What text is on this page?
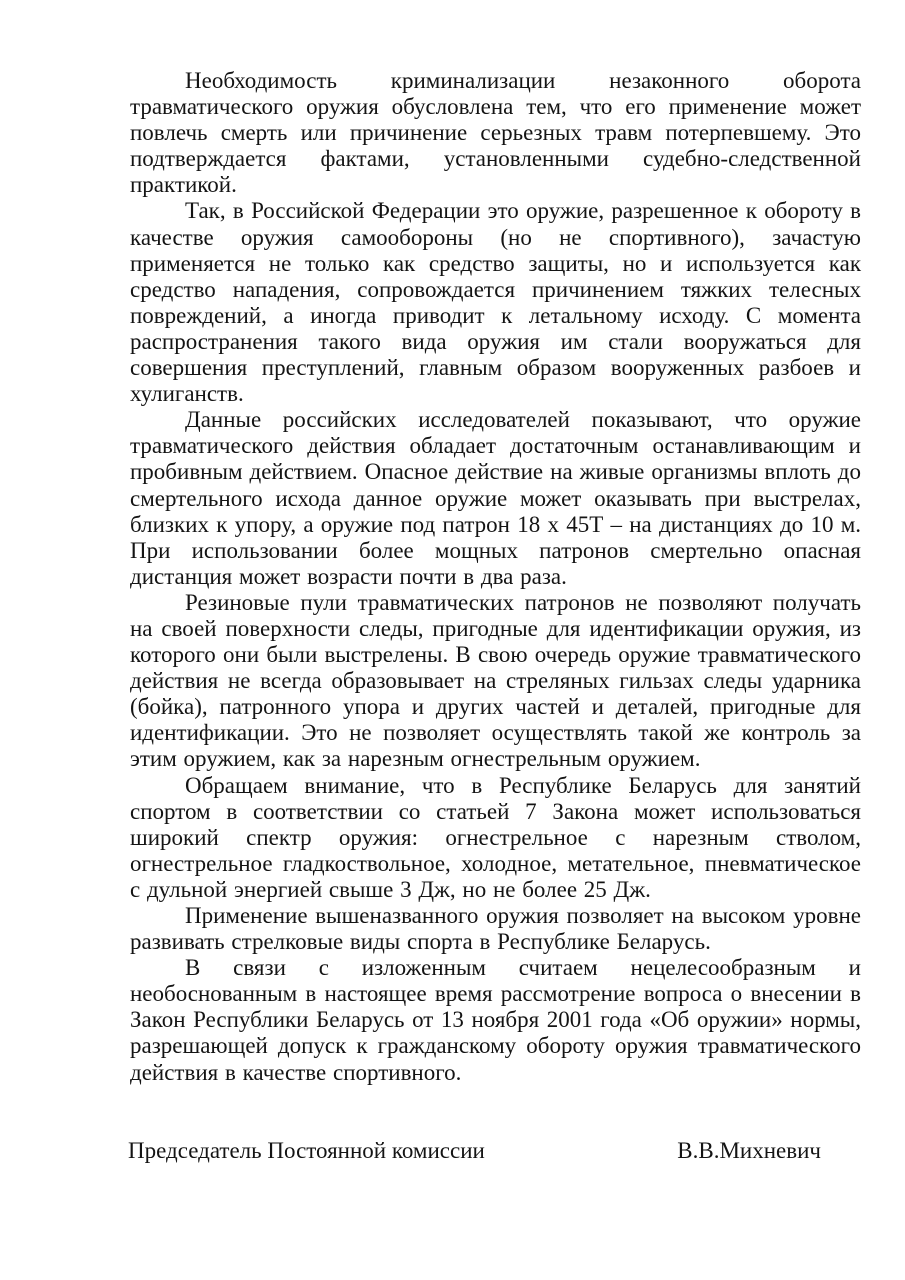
Необходимость криминализации незаконного оборота травматического оружия обусловлена тем, что его применение может повлечь смерть или причинение серьезных травм потерпевшему. Это подтверждается фактами, установленными судебно-следственной практикой.

Так, в Российской Федерации это оружие, разрешенное к обороту в качестве оружия самообороны (но не спортивного), зачастую применяется не только как средство защиты, но и используется как средство нападения, сопровождается причинением тяжких телесных повреждений, а иногда приводит к летальному исходу. С момента распространения такого вида оружия им стали вооружаться для совершения преступлений, главным образом вооруженных разбоев и хулиганств.

Данные российских исследователей показывают, что оружие травматического действия обладает достаточным останавливающим и пробивным действием. Опасное действие на живые организмы вплоть до смертельного исхода данное оружие может оказывать при выстрелах, близких к упору, а оружие под патрон 18 х 45Т – на дистанциях до 10 м. При использовании более мощных патронов смертельно опасная дистанция может возрасти почти в два раза.

Резиновые пули травматических патронов не позволяют получать на своей поверхности следы, пригодные для идентификации оружия, из которого они были выстрелены. В свою очередь оружие травматического действия не всегда образовывает на стреляных гильзах следы ударника (бойка), патронного упора и других частей и деталей, пригодные для идентификации. Это не позволяет осуществлять такой же контроль за этим оружием, как за нарезным огнестрельным оружием.

Обращаем внимание, что в Республике Беларусь для занятий спортом в соответствии со статьей 7 Закона может использоваться широкий спектр оружия: огнестрельное с нарезным стволом, огнестрельное гладкоствольное, холодное, метательное, пневматическое с дульной энергией свыше 3 Дж, но не более 25 Дж.

Применение вышеназванного оружия позволяет на высоком уровне развивать стрелковые виды спорта в Республике Беларусь.

В связи с изложенным считаем нецелесообразным и необоснованным в настоящее время рассмотрение вопроса о внесении в Закон Республики Беларусь от 13 ноября 2001 года «Об оружии» нормы, разрешающей допуск к гражданскому обороту оружия травматического действия в качестве спортивного.

Председатель Постоянной комиссии	В.В.Михневич
